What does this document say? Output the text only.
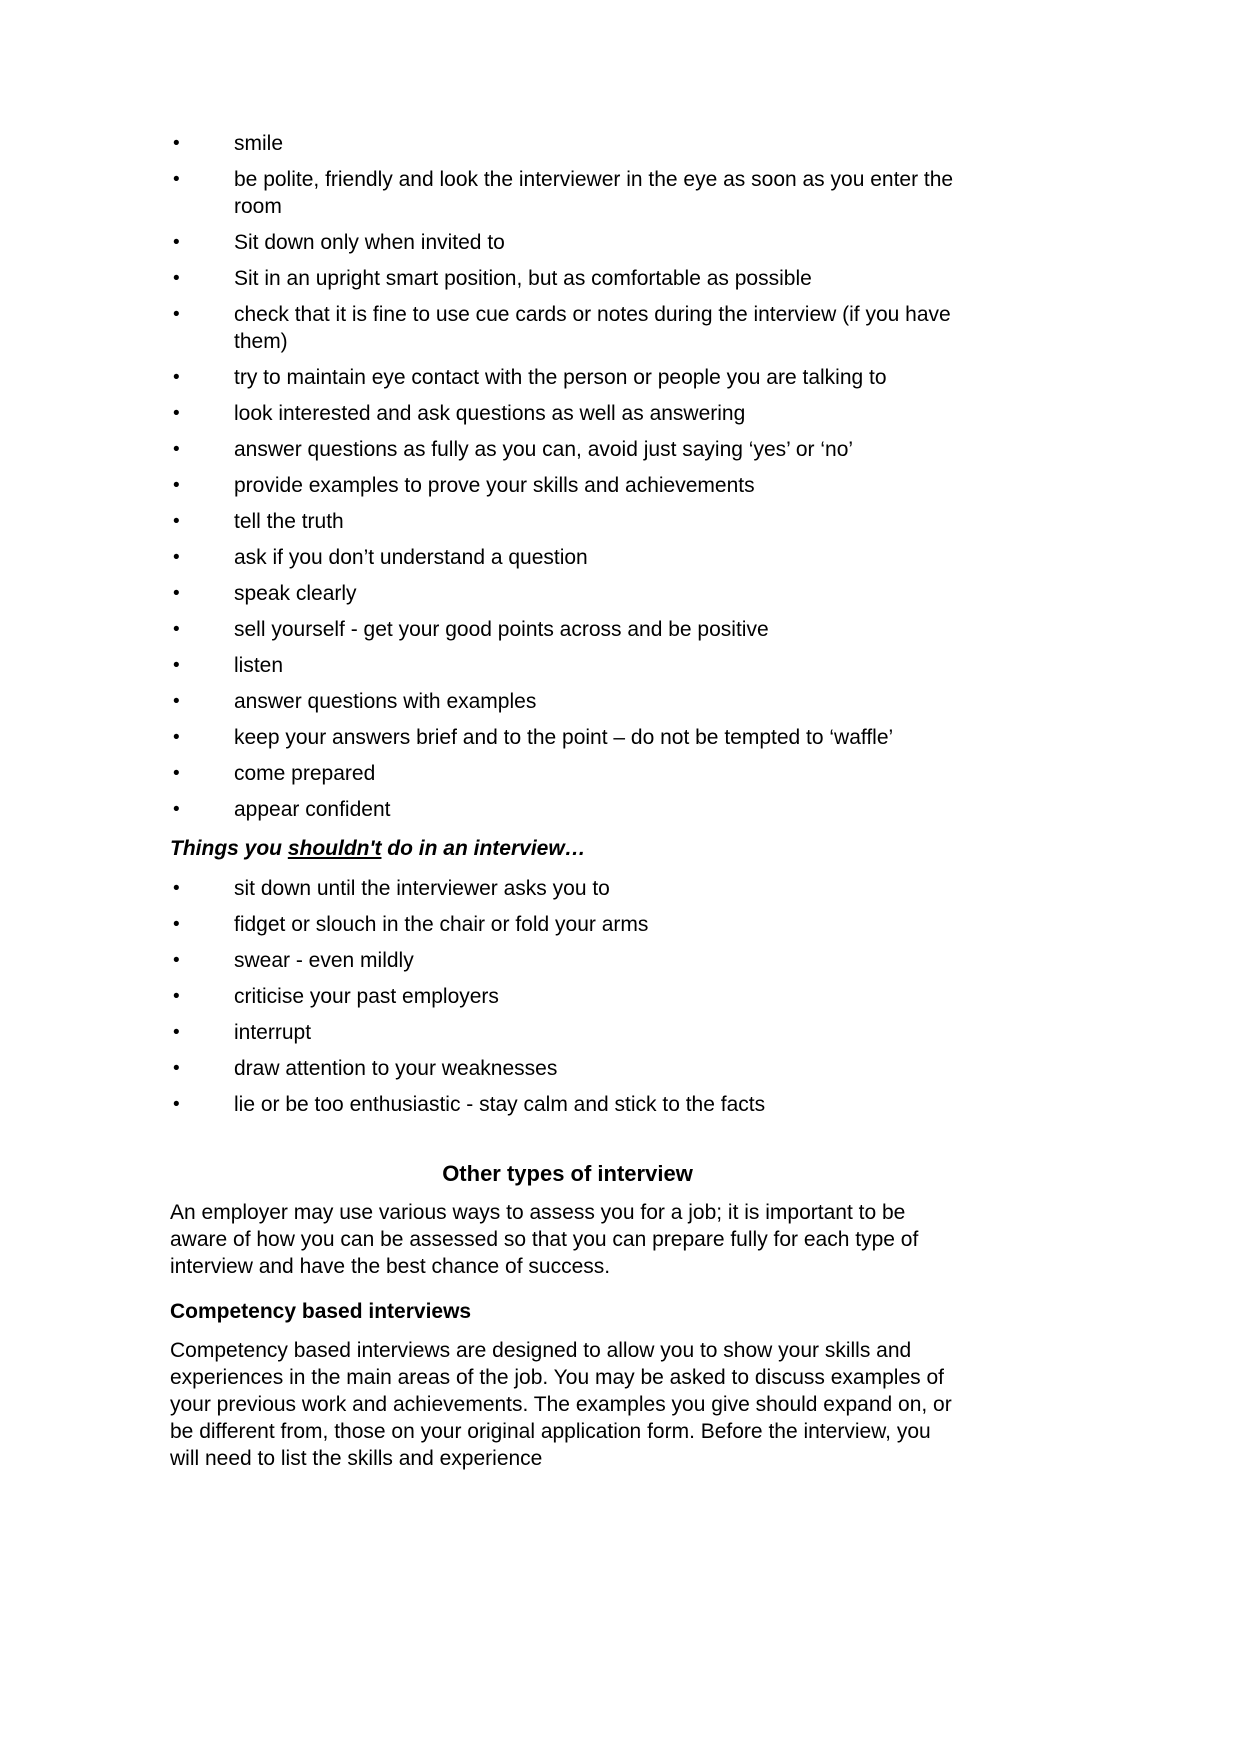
•	smile
•	be polite, friendly and look the interviewer in the eye as soon as you enter the room
•	Sit down only when invited to
•	Sit in an upright smart position, but as comfortable as possible
•	check that it is fine to use cue cards or notes during the interview (if you have them)
•	try to maintain eye contact with the person or people you are talking to
•	look interested and ask questions as well as answering
•	answer questions as fully as you can, avoid just saying ‘yes’ or ‘no’
•	provide examples to prove your skills and achievements
•	tell the truth
•	ask if you don’t understand a question
•	speak clearly
•	sell yourself - get your good points across and be positive
•	listen
•	answer questions with examples
•	keep your answers brief and to the point – do not be tempted to ‘waffle’
•	come prepared
•	appear confident

Things you shouldn't do in an interview…

•	sit down until the interviewer asks you to
•	fidget or slouch in the chair or fold your arms
•	swear - even mildly
•	criticise your past employers
•	interrupt
•	draw attention to your weaknesses
•	lie or be too enthusiastic - stay calm and stick to the facts
Other types of interview

An employer may use various ways to assess you for a job; it is important to be aware of how you can be assessed so that you can prepare fully for each type of interview and have the best chance of success.

Competency based interviews

Competency based interviews are designed to allow you to show your skills and experiences in the main areas of the job. You may be asked to discuss examples of your previous work and achievements. The examples you give should expand on, or be different from, those on your original application form. Before the interview, you will need to list the skills and experience
